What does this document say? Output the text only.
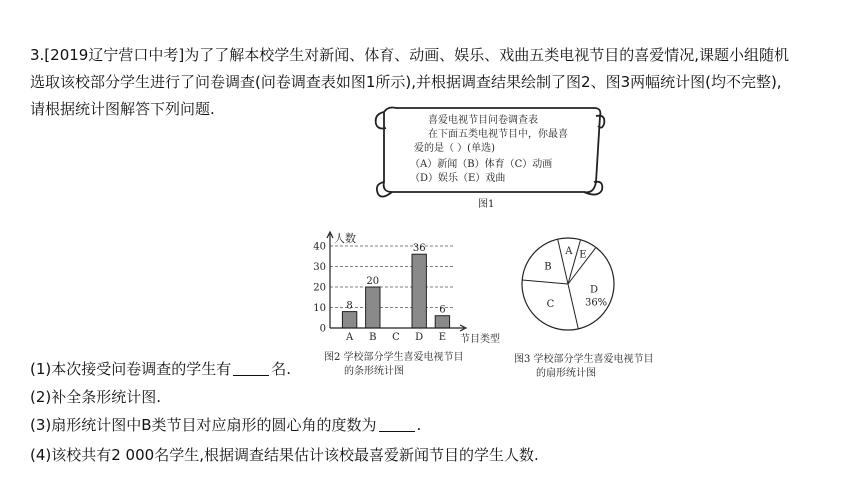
3.[2019辽宁营口中考]为了了解本校学生对新闻、体育、动画、娱乐、戏曲五类电视节目的喜爱情况,课题小组随机
选取该校部分学生进行了问卷调查(问卷调查表如图1所示),并根据调查结果绘制了图2、图3两幅统计图(均不完整),
请根据统计图解答下列问题.
喜爱电视节目问卷调查表
在下面五类电视节目中，你最喜
爱的是（ ）(单选)
（A）新闻（B）体育（C）动画
（D）娱乐（E）戏曲
图1
8
A
20
B C
36
D
6
E
0
10
20
30
40
人数
节目类型
图2 学校部分学生喜爱电视节目
的条形统计图
A E
D
36%
C
B
图3 学校部分学生喜爱电视节目
的扇形统计图
(1)本次接受问卷调查的学生有	名.
(2)补全条形统计图.
(3)扇形统计图中B类节目对应扇形的圆心角的度数为	.
(4)该校共有2 000名学生,根据调查结果估计该校最喜爱新闻节目的学生人数.
